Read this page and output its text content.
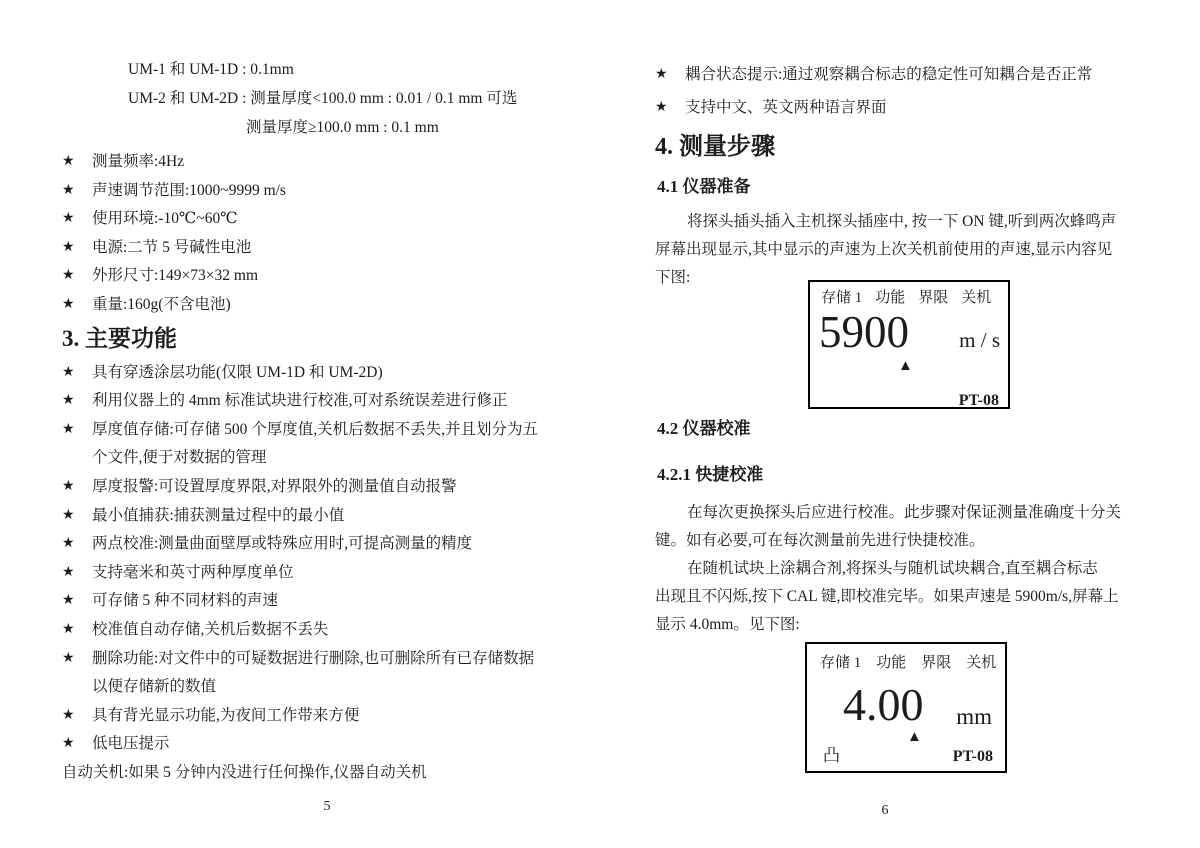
UM-1 和 UM-1D : 0.1mm
UM-2 和 UM-2D : 测量厚度<100.0 mm : 0.01 / 0.1 mm 可选
测量厚度≥100.0 mm : 0.1 mm
★	测量频率:4Hz
★	声速调节范围:1000~9999 m/s
★	使用环境:-10℃~60℃
★	电源:二节 5 号碱性电池
★	外形尺寸:149×73×32 mm
★	重量:160g(不含电池)
3. 主要功能
★	具有穿透涂层功能(仅限 UM-1D 和 UM-2D)
★	利用仪器上的 4mm 标准试块进行校准,可对系统误差进行修正
★	厚度值存储:可存储 500 个厚度值,关机后数据不丢失,并且划分为五
个文件,便于对数据的管理
★	厚度报警:可设置厚度界限,对界限外的测量值自动报警
★	最小值捕获:捕获测量过程中的最小值
★	两点校准:测量曲面壁厚或特殊应用时,可提高测量的精度
★	支持毫米和英寸两种厚度单位
★	可存储 5 种不同材料的声速
★	校准值自动存储,关机后数据不丢失
★	删除功能:对文件中的可疑数据进行删除,也可删除所有已存储数据
以便存储新的数值
★	具有背光显示功能,为夜间工作带来方便
★	低电压提示
自动关机:如果 5 分钟内没进行任何操作,仪器自动关机
5
★	耦合状态提示:通过观察耦合标志的稳定性可知耦合是否正常
★	支持中文、英文两种语言界面
4. 测量步骤
4.1 仪器准备
将探头插头插入主机探头插座中, 按一下 ON 键,听到两次蜂鸣声
屏幕出现显示,其中显示的声速为上次关机前使用的声速,显示内容见
下图:
存储 1 功能 界限 关机
5900 m / s
▲
PT-08
4.2 仪器校准
4.2.1 快捷校准
在每次更换探头后应进行校准。此步骤对保证测量准确度十分关
键。如有必要,可在每次测量前先进行快捷校准。
在随机试块上涂耦合剂,将探头与随机试块耦合,直至耦合标志
出现且不闪烁,按下 CAL 键,即校准完毕。如果声速是 5900m/s,屏幕上
显示 4.0mm。见下图:
存储 1 功能 界限 关机
4.00 mm
▲
凸	PT-08
6
